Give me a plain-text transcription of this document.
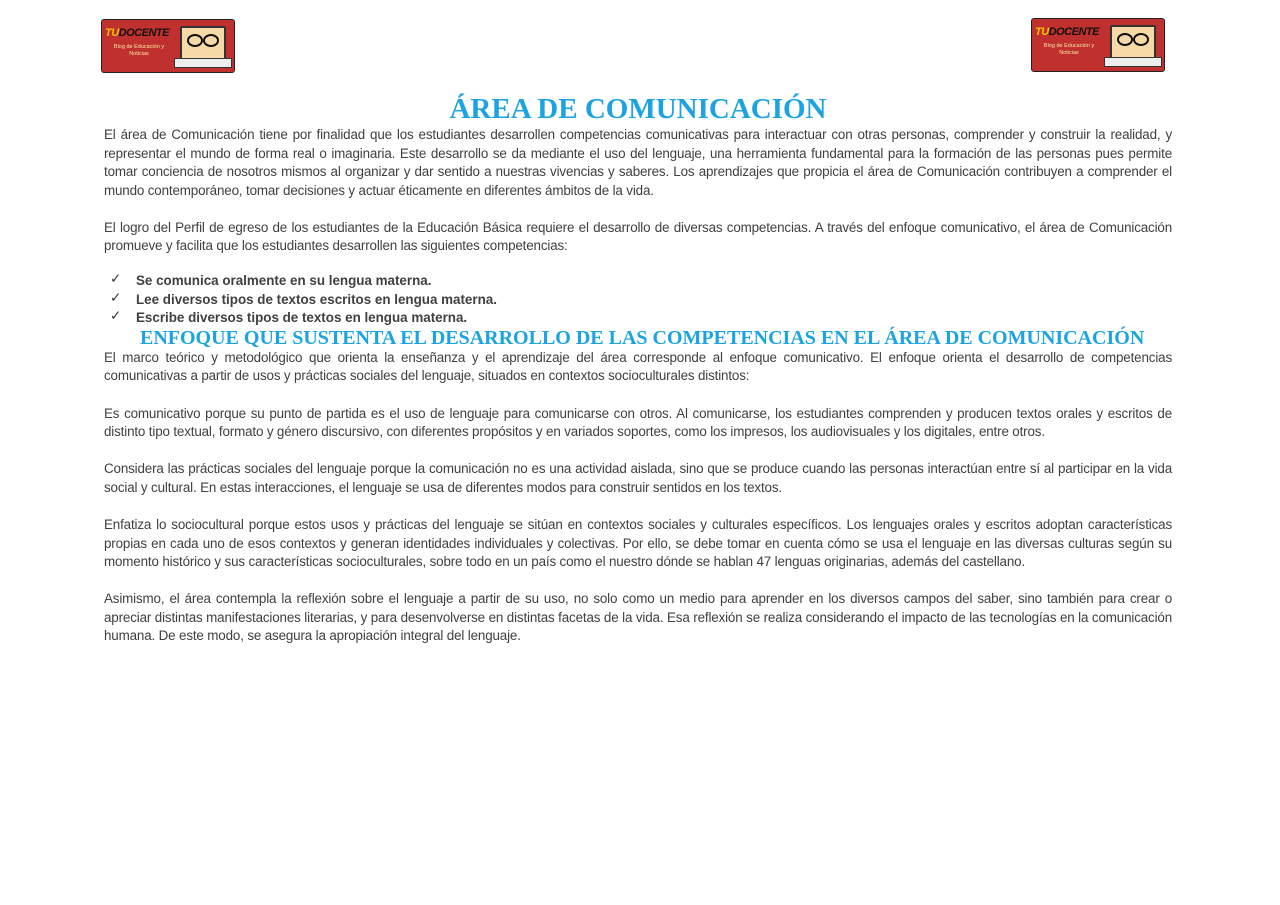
TUDOCENTE
Blog de Educación y Noticias
TUDOCENTE
Blog de Educación y Noticias
ÁREA DE COMUNICACIÓN

El área de Comunicación tiene por finalidad que los estudiantes desarrollen competencias comunicativas para interactuar con otras personas, comprender y construir la realidad, y representar el mundo de forma real o imaginaria. Este desarrollo se da mediante el uso del lenguaje, una herramienta fundamental para la formación de las personas pues permite tomar conciencia de nosotros mismos al organizar y dar sentido a nuestras vivencias y saberes. Los aprendizajes que propicia el área de Comunicación contribuyen a comprender el mundo contemporáneo, tomar decisiones y actuar éticamente en diferentes ámbitos de la vida.

El logro del Perfil de egreso de los estudiantes de la Educación Básica requiere el desarrollo de diversas competencias. A través del enfoque comunicativo, el área de Comunicación promueve y facilita que los estudiantes desarrollen las siguientes competencias:

✓ Se comunica oralmente en su lengua materna.
✓ Lee diversos tipos de textos escritos en lengua materna.
✓ Escribe diversos tipos de textos en lengua materna.
ENFOQUE QUE SUSTENTA EL DESARROLLO DE LAS COMPETENCIAS EN EL ÁREA DE COMUNICACIÓN

El marco teórico y metodológico que orienta la enseñanza y el aprendizaje del área corresponde al enfoque comunicativo. El enfoque orienta el desarrollo de competencias comunicativas a partir de usos y prácticas sociales del lenguaje, situados en contextos socioculturales distintos:

Es comunicativo porque su punto de partida es el uso de lenguaje para comunicarse con otros. Al comunicarse, los estudiantes comprenden y producen textos orales y escritos de distinto tipo textual, formato y género discursivo, con diferentes propósitos y en variados soportes, como los impresos, los audiovisuales y los digitales, entre otros.

Considera las prácticas sociales del lenguaje porque la comunicación no es una actividad aislada, sino que se produce cuando las personas interactúan entre sí al participar en la vida social y cultural. En estas interacciones, el lenguaje se usa de diferentes modos para construir sentidos en los textos.

Enfatiza lo sociocultural porque estos usos y prácticas del lenguaje se sitúan en contextos sociales y culturales específicos. Los lenguajes orales y escritos adoptan características propias en cada uno de esos contextos y generan identidades individuales y colectivas. Por ello, se debe tomar en cuenta cómo se usa el lenguaje en las diversas culturas según su momento histórico y sus características socioculturales, sobre todo en un país como el nuestro dónde se hablan 47 lenguas originarias, además del castellano.

Asimismo, el área contempla la reflexión sobre el lenguaje a partir de su uso, no solo como un medio para aprender en los diversos campos del saber, sino también para crear o apreciar distintas manifestaciones literarias, y para desenvolverse en distintas facetas de la vida. Esa reflexión se realiza considerando el impacto de las tecnologías en la comunicación humana. De este modo, se asegura la apropiación integral del lenguaje.
